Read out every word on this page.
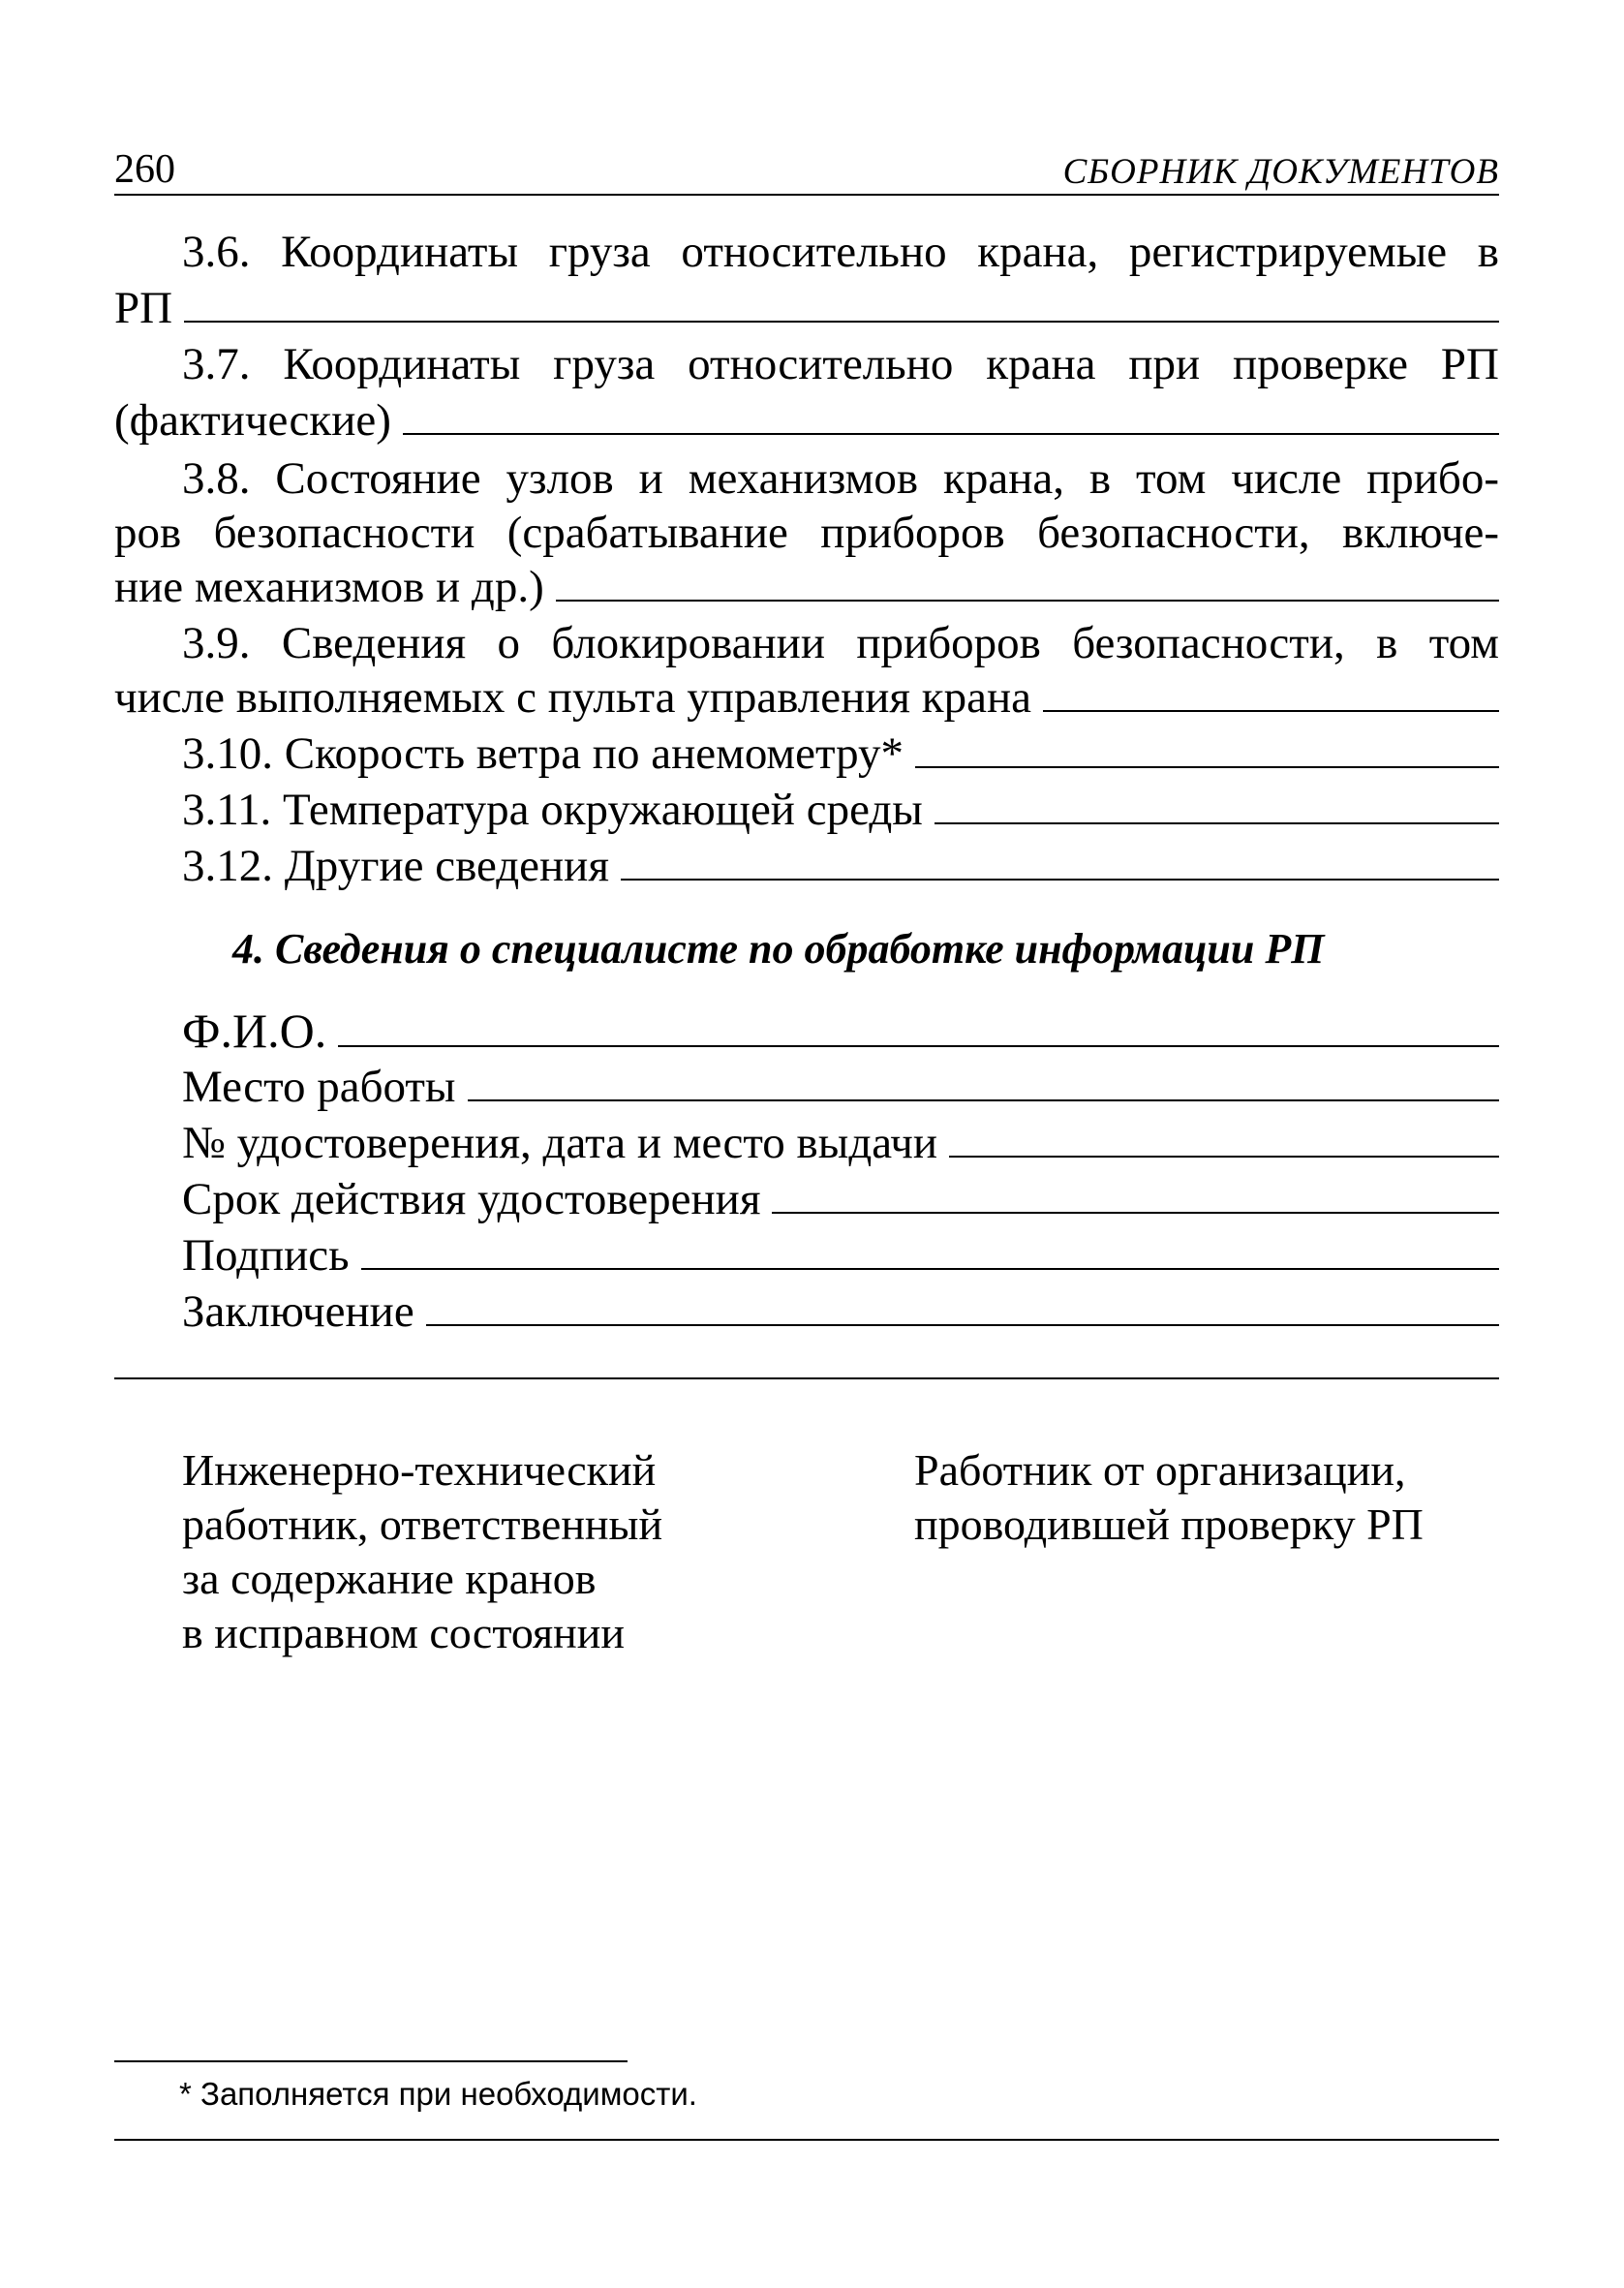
260	СБОРНИК ДОКУМЕНТОВ
3.6. Координаты груза относительно крана, регистрируемые в
РП
3.7. Координаты груза относительно крана при проверке РП
(фактические)
3.8. Состояние узлов и механизмов крана, в том числе прибо-
ров безопасности (срабатывание приборов безопасности, включе-
ние механизмов и др.)
3.9. Сведения о блокировании приборов безопасности, в том
числе выполняемых с пульта управления крана
3.10. Скорость ветра по анемометру*
3.11. Температура окружающей среды
3.12. Другие сведения
4. Сведения о специалисте по обработке информации РП
Ф.И.О.
Место работы
№ удостоверения, дата и место выдачи
Срок действия удостоверения
Подпись
Заключение
Инженерно-технический
работник, ответственный
за содержание кранов
в исправном состоянии
Работник от организации,
проводившей проверку РП
* Заполняется при необходимости.
